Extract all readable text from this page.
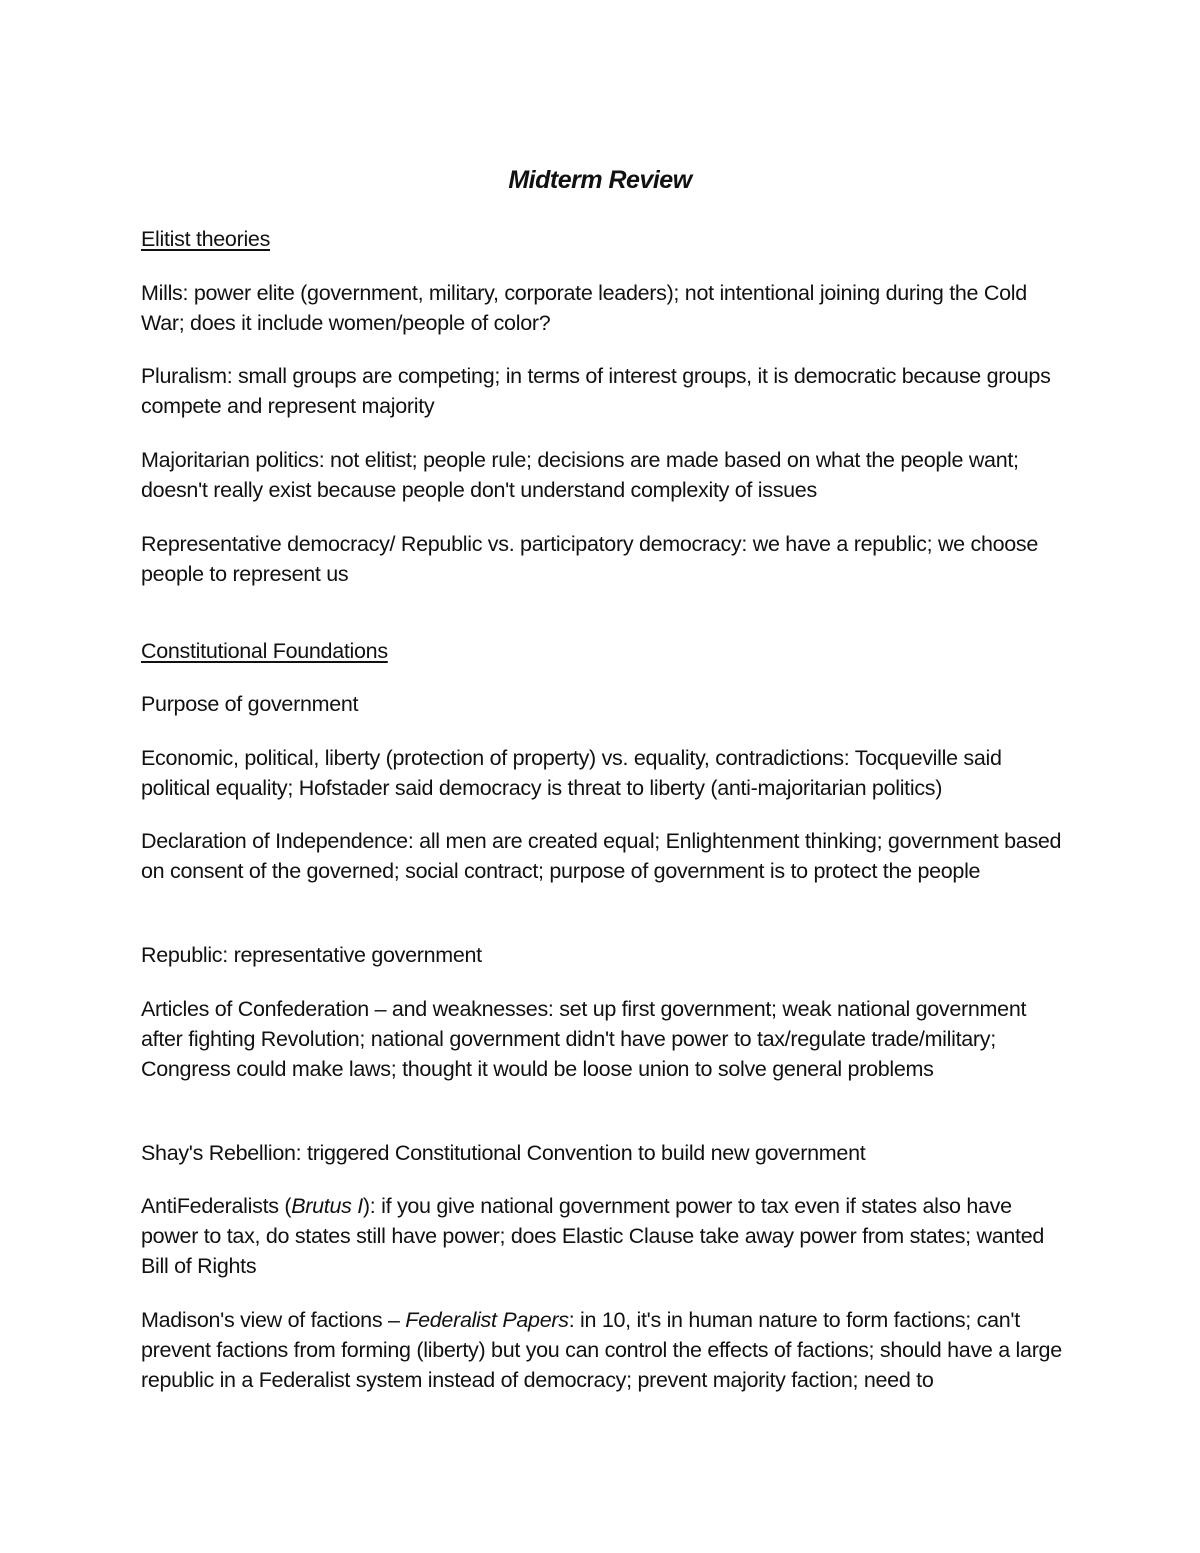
Midterm Review

Elitist theories

Mills: power elite (government, military, corporate leaders); not intentional joining during the Cold War; does it include women/people of color?

Pluralism: small groups are competing; in terms of interest groups, it is democratic because groups compete and represent majority

Majoritarian politics: not elitist; people rule; decisions are made based on what the people want; doesn't really exist because people don't understand complexity of issues

Representative democracy/ Republic vs. participatory democracy: we have a republic; we choose people to represent us

Constitutional Foundations

Purpose of government

Economic, political, liberty (protection of property) vs. equality, contradictions: Tocqueville said political equality; Hofstader said democracy is threat to liberty (anti-majoritarian politics)

Declaration of Independence: all men are created equal; Enlightenment thinking; government based on consent of the governed; social contract; purpose of government is to protect the people

Republic: representative government

Articles of Confederation – and weaknesses: set up first government; weak national government after fighting Revolution; national government didn't have power to tax/regulate trade/military; Congress could make laws; thought it would be loose union to solve general problems

Shay's Rebellion: triggered Constitutional Convention to build new government

AntiFederalists (Brutus I): if you give national government power to tax even if states also have power to tax, do states still have power; does Elastic Clause take away power from states; wanted Bill of Rights

Madison's view of factions – Federalist Papers: in 10, it's in human nature to form factions; can't prevent factions from forming (liberty) but you can control the effects of factions; should have a large republic in a Federalist system instead of democracy; prevent majority faction; need to
